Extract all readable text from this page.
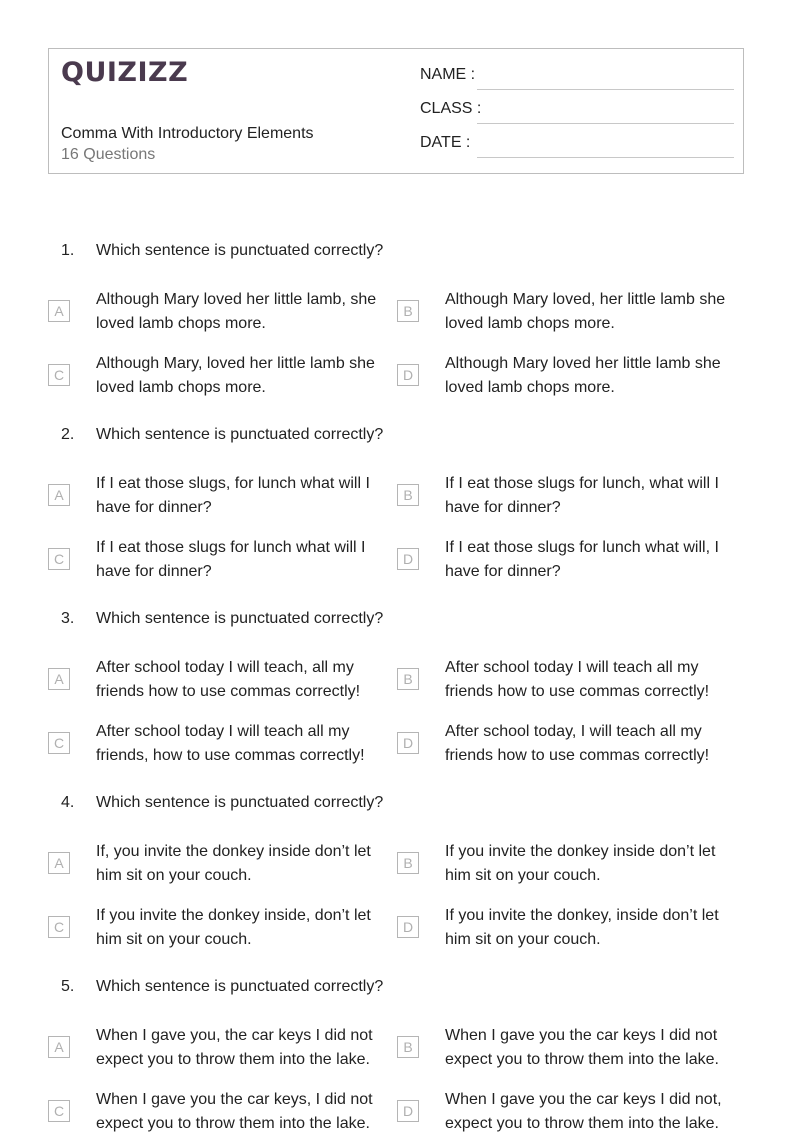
QUIZIZZ
Comma With Introductory Elements
16 Questions
NAME :
CLASS :
DATE :
1. Which sentence is punctuated correctly?
A
Although Mary loved her little lamb, she loved lamb chops more.
B
Although Mary loved, her little lamb she loved lamb chops more.
C
Although Mary, loved her little lamb she loved lamb chops more.
D
Although Mary loved her little lamb she loved lamb chops more.
2. Which sentence is punctuated correctly?
A
If I eat those slugs, for lunch what will I have for dinner?
B
If I eat those slugs for lunch, what will I have for dinner?
C
If I eat those slugs for lunch what will I have for dinner?
D
If I eat those slugs for lunch what will, I have for dinner?
3. Which sentence is punctuated correctly?
A
After school today I will teach, all my friends how to use commas correctly!
B
After school today I will teach all my friends how to use commas correctly!
C
After school today I will teach all my friends, how to use commas correctly!
D
After school today, I will teach all my friends how to use commas correctly!
4. Which sentence is punctuated correctly?
A
If, you invite the donkey inside don’t let him sit on your couch.
B
If you invite the donkey inside don’t let him sit on your couch.
C
If you invite the donkey inside, don’t let him sit on your couch.
D
If you invite the donkey, inside don’t let him sit on your couch.
5. Which sentence is punctuated correctly?
A
When I gave you, the car keys I did not expect you to throw them into the lake.
B
When I gave you the car keys I did not expect you to throw them into the lake.
C
When I gave you the car keys, I did not expect you to throw them into the lake.
D
When I gave you the car keys I did not, expect you to throw them into the lake.
